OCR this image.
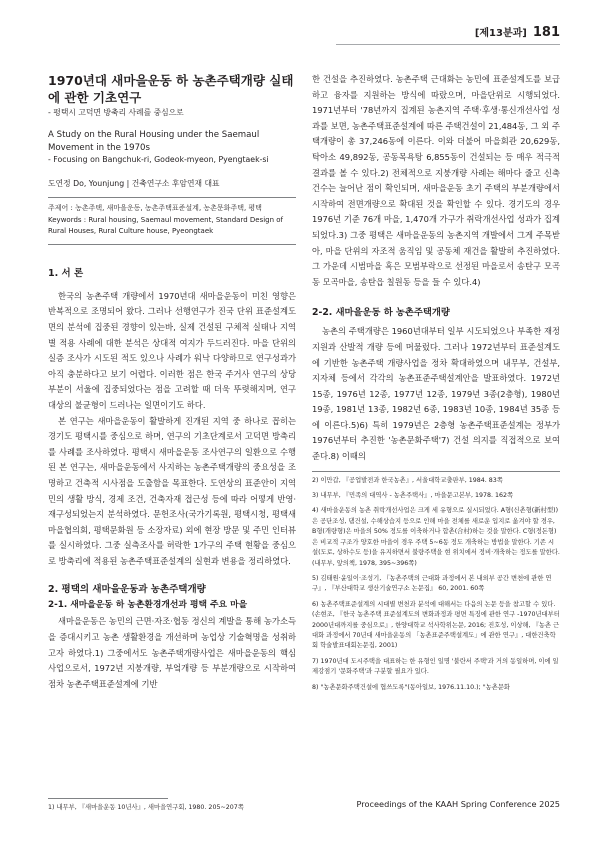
[제13분과] 181
1970년대 새마을운동 하 농촌주택개량 실태에 관한 기초연구
- 평택시 고덕면 방축리 사례를 중심으로
A Study on the Rural Housing under the Saemaul Movement in the 1970s
- Focusing on Bangchuk-ri, Godeok-myeon, Pyengtaek-si
도연정 Do, Younjung | 건축연구소 후암연재 대표
주제어 : 농촌주택, 새마을운동, 농촌주택표준설계, 농촌문화주택, 평택
Keywords : Rural housing, Saemaul movement, Standard Design of Rural Houses, Rural Culture house, Pyeongtaek
1. 서 론

한국의 농촌주택 개량에서 1970년대 새마을운동이 미친 영향은 반복적으로 조명되어 왔다. 그러나 선행연구가 진국 단위 표준설계도면의 분석에 집중된 경향이 있는바, 실제 건설된 구체적 실태나 지역별 적용 사례에 대한 분석은 상대적 여지가 두드러진다. 마을 단위의 실증 조사가 시도된 적도 있으나 사례가 워낙 다양하므로 연구성과가 아직 충분하다고 보기 어렵다. 이러한 점은 한국 주거사 연구의 상당 부분이 서울에 집중되었다는 점을 고려할 때 더욱 뚜렷해지며, 연구 대상의 불균형이 드러나는 일면이기도 하다.

본 연구는 새마을운동이 활발하게 진개된 지역 중 하나로 꼽히는 경기도 평택시를 중심으로 하며, 연구의 기초단계로서 고덕면 방축리를 사례를 조사하였다. 평택시 새마을운동 조사연구의 일환으로 수행된 본 연구는, 새마을운동에서 사지하는 농촌주택개량의 중요성을 조명하고 건축적 시사점을 도출함을 목표한다. 도연상의 표준안이 지역민의 생활 방식, 경제 조건, 건축자재 접근성 등에 따라 어떻게 반영·재구성되었는지 분석하였다. 문헌조사(국가기록원, 평택시청, 평택새마을협의회, 평택문화원 등 소장자료) 외에 현장 방문 및 주민 인터뷰를 실시하였다. 그중 실측조사를 허락한 1가구의 주택 현황을 중심으로 방축리에 적용된 농촌주택표준설계의 실현과 변용을 정리하였다.

2. 평택의 새마을운동과 농촌주택개량
2-1. 새마을운동 하 농촌환경개선과 평택 주요 마을

새마을운동은 농민의 근면·자조·협동 정신의 계발을 통해 농가소득을 증대시키고 농촌 생활환경을 개선하며 농업상 기술혁명을 성취하고자 하였다.1) 그중에서도 농촌주택개량사업은 새마을운동의 핵심사업으로서, 1972년 지붕개량, 부엌개량 등 부분개량으로 시작하여 점차 농촌주택표준설계에 기반

1) 내무부, 『새마을운동 10년사』, 새마을연구회, 1980. 205~207쪽

한 건설을 추진하였다. 농촌주택 근대화는 농민에 표준설계도를 보급하고 융자를 지원하는 방식에 따랐으며, 마을단위로 시행되었다. 1971년부터 '78년까지 집계된 농촌지역 주택·후생·통신개선사업 성과를 보면, 농촌주택표준설계에 따른 주택건설이 21,484동, 그 외 주택개량이 총 37,246동에 이른다. 이와 더불어 마을회관 20,629동, 탁아소 49,892동, 공동목욕탕 6,855동이 건설되는 등 매우 적극적 결과를 볼 수 있다.2) 전체적으로 지붕개량 사례는 해마다 줄고 신축 건수는 늘어난 점이 확인되며, 새마을운동 초기 주택의 부분개량에서 시작하여 전면개량으로 확대된 것을 확인할 수 있다. 경기도의 경우 1976년 기준 76개 마을, 1,470개 가구가 취락개선사업 성과가 집계되었다.3) 그중 평택은 새마을운동의 농촌지역 개발에서 그게 주목받아, 마을 단위의 자조적 움직임 및 공동체 재건을 활발히 추진하였다. 그 가운데 시범마을 혹은 모범부락으로 선정된 마을로서 송탄구 모곡동 모곡마을, 송탄읍 칠원동 등을 들 수 있다.4)

2-2. 새마을운동 하 농촌주택개량

농촌의 주택개량은 1960년대부터 일부 시도되었으나 부족한 재정지원과 산발적 개량 등에 머물렀다. 그러나 1972년부터 표준설계도에 기반한 농촌주택 개량사업을 정차 확대하였으며 내무부, 건설부, 지자체 등에서 각각의 농촌표준주택설계안을 발표하였다. 1972년 15종, 1976년 12종, 1977년 12종, 1979년 3종(2층형), 1980년 19종, 1981년 13종, 1982년 6종, 1983년 10종, 1984년 35종 등에 이른다.5)6) 특히 1979년은 2층형 농촌주택표준설계는 정부가 1976년부터 추진한 '농촌문화주택'7) 건설 의지를 직접적으로 보여준다.8) 이때의

2) 이만갑, 『공업발전과 한국농촌』, 서울대학교출판부, 1984. 83쪽
3) 내무부, 『민족의 대역사 - 농촌주택사』, 마을문고본부, 1978. 162쪽
4) 새마을운동의 농촌 취락개선사업은 크게 세 유형으로 실시되었다. A형(신촌형(新村型))은 공단조성, 댐건설, 수해상습지 등으로 인해 마을 전체를 새로운 입지로 옮겨야 할 경우, B형(개량형)은 마을의 50% 정도를 이축하거나 합촌(合村)하는 것을 말한다. C형(정돈형)은 비교적 구조가 양호한 마을이 경우 주택 5~6동 정도 개축하는 방법을 말한다. 기존 시설(도로, 상하수도 등)을 유지하면서 불량주택을 현 위치에서 정비·개축하는 정도를 말한다.(내무부, 앞의책, 1978, 395~396쪽)
5) 김태원·윤일이·조성기, 『농촌주택의 근대화 과정에서 본 내외부 공간 변천에 관한 연구』, 『부산대학교 생산기술연구소 논문집』 60, 2001. 60쪽
6) 농촌주택표준설계의 시대별 변천과 분석에 대해서는 다음의 논문 등을 참고할 수 있다. (손현조, 『한국 농촌주택 표준설계도의 변화과정과 평면 특징에 관한 연구 -1970년대부터 2000년대까지를 중심으로』, 한양대학교 석사학위논문, 2016; 진호성, 이상해, 『농촌 근대화 과정에서 70년대 새마을운동의 「농촌표준주택설계도」에 관한 연구』, 대한건축학회 학술발표대회논문집, 2001)
7) 1970년대 도시주택을 대표하는 한 유형인 일명 '불란서 주택'과 거의 동일하며, 이에 일제강점기 '문화주택'과 구분할 필요가 있다.
8) "농촌문화주택건설에 협쓰도록"(동아일보, 1976.11.10.); "농촌문화
Proceedings of the KAAH Spring Conference 2025
